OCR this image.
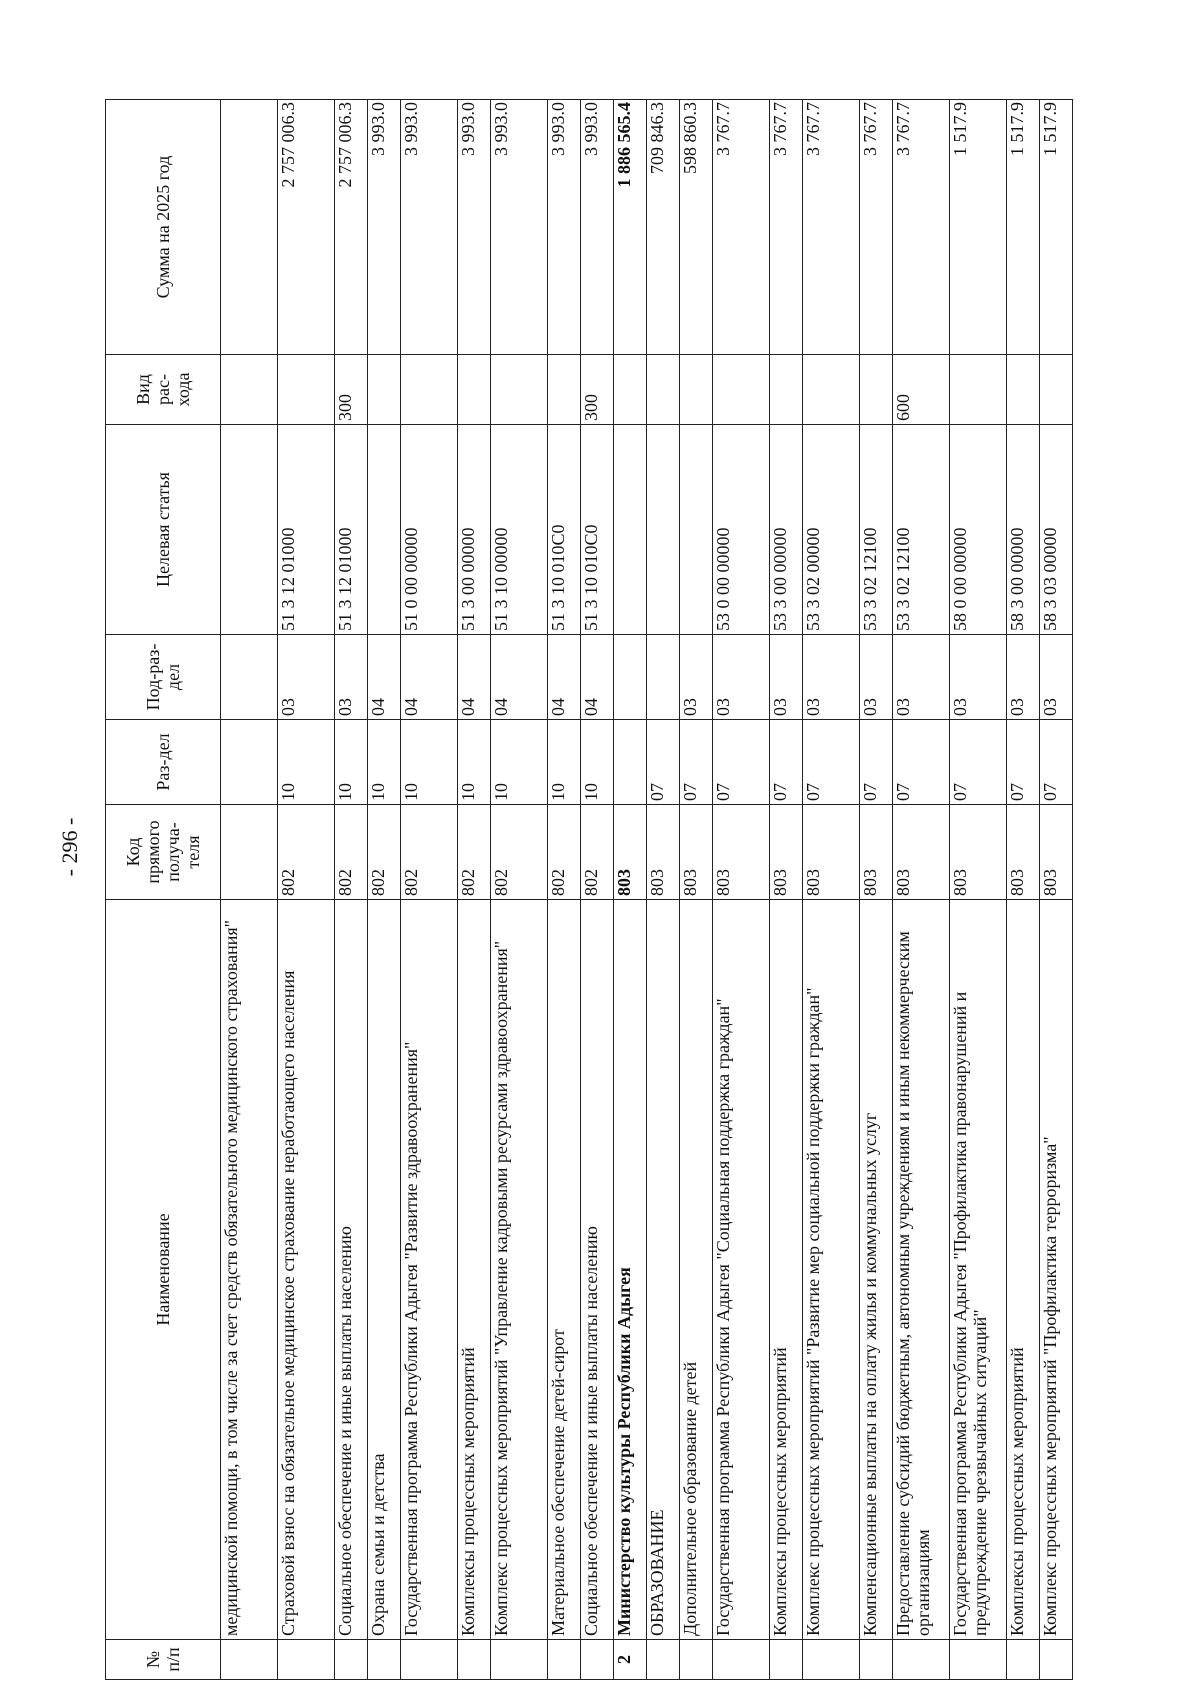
- 296 -
№ п/п	Наименование	Код прямого получа-теля	Раз-дел	Под-раз-дел	Целевая статья	Вид рас-хода	Сумма на 2025 год
	медицинской помощи, в том числе за счет средств обязательного медицинского страхования"						
	Страховой взнос на обязательное медицинское страхование неработающего населения	802	10	03	51 3 12 01000		2 757 006.3
	Социальное обеспечение и иные выплаты населению	802	10	03	51 3 12 01000	300	2 757 006.3
	Охрана семьи и детства	802	10	04			3 993.0
	Государственная программа Республики Адыгея "Развитие здравоохранения"	802	10	04	51 0 00 00000		3 993.0
	Комплексы процессных мероприятий	802	10	04	51 3 00 00000		3 993.0
	Комплекс процессных мероприятий "Управление кадровыми ресурсами здравоохранения"	802	10	04	51 3 10 00000		3 993.0
	Материальное обеспечение детей-сирот	802	10	04	51 3 10 010C0		3 993.0
	Социальное обеспечение и иные выплаты населению	802	10	04	51 3 10 010C0	300	3 993.0
2	Министерство культуры Республики Адыгея	803					1 886 565.4
	ОБРАЗОВАНИЕ	803	07				709 846.3
	Дополнительное образование детей	803	07	03			598 860.3
	Государственная программа Республики Адыгея "Социальная поддержка граждан"	803	07	03	53 0 00 00000		3 767.7
	Комплексы процессных мероприятий	803	07	03	53 3 00 00000		3 767.7
	Комплекс процессных мероприятий "Развитие мер социальной поддержки граждан"	803	07	03	53 3 02 00000		3 767.7
	Компенсационные выплаты на оплату жилья и коммунальных услуг	803	07	03	53 3 02 12100		3 767.7
	Предоставление субсидий бюджетным, автономным учреждениям и иным некоммерческим организациям	803	07	03	53 3 02 12100	600	3 767.7
	Государственная программа Республики Адыгея "Профилактика правонарушений и предупреждение чрезвычайных ситуаций"	803	07	03	58 0 00 00000		1 517.9
	Комплексы процессных мероприятий	803	07	03	58 3 00 00000		1 517.9
	Комплекс процессных мероприятий "Профилактика терроризма"	803	07	03	58 3 03 00000		1 517.9
